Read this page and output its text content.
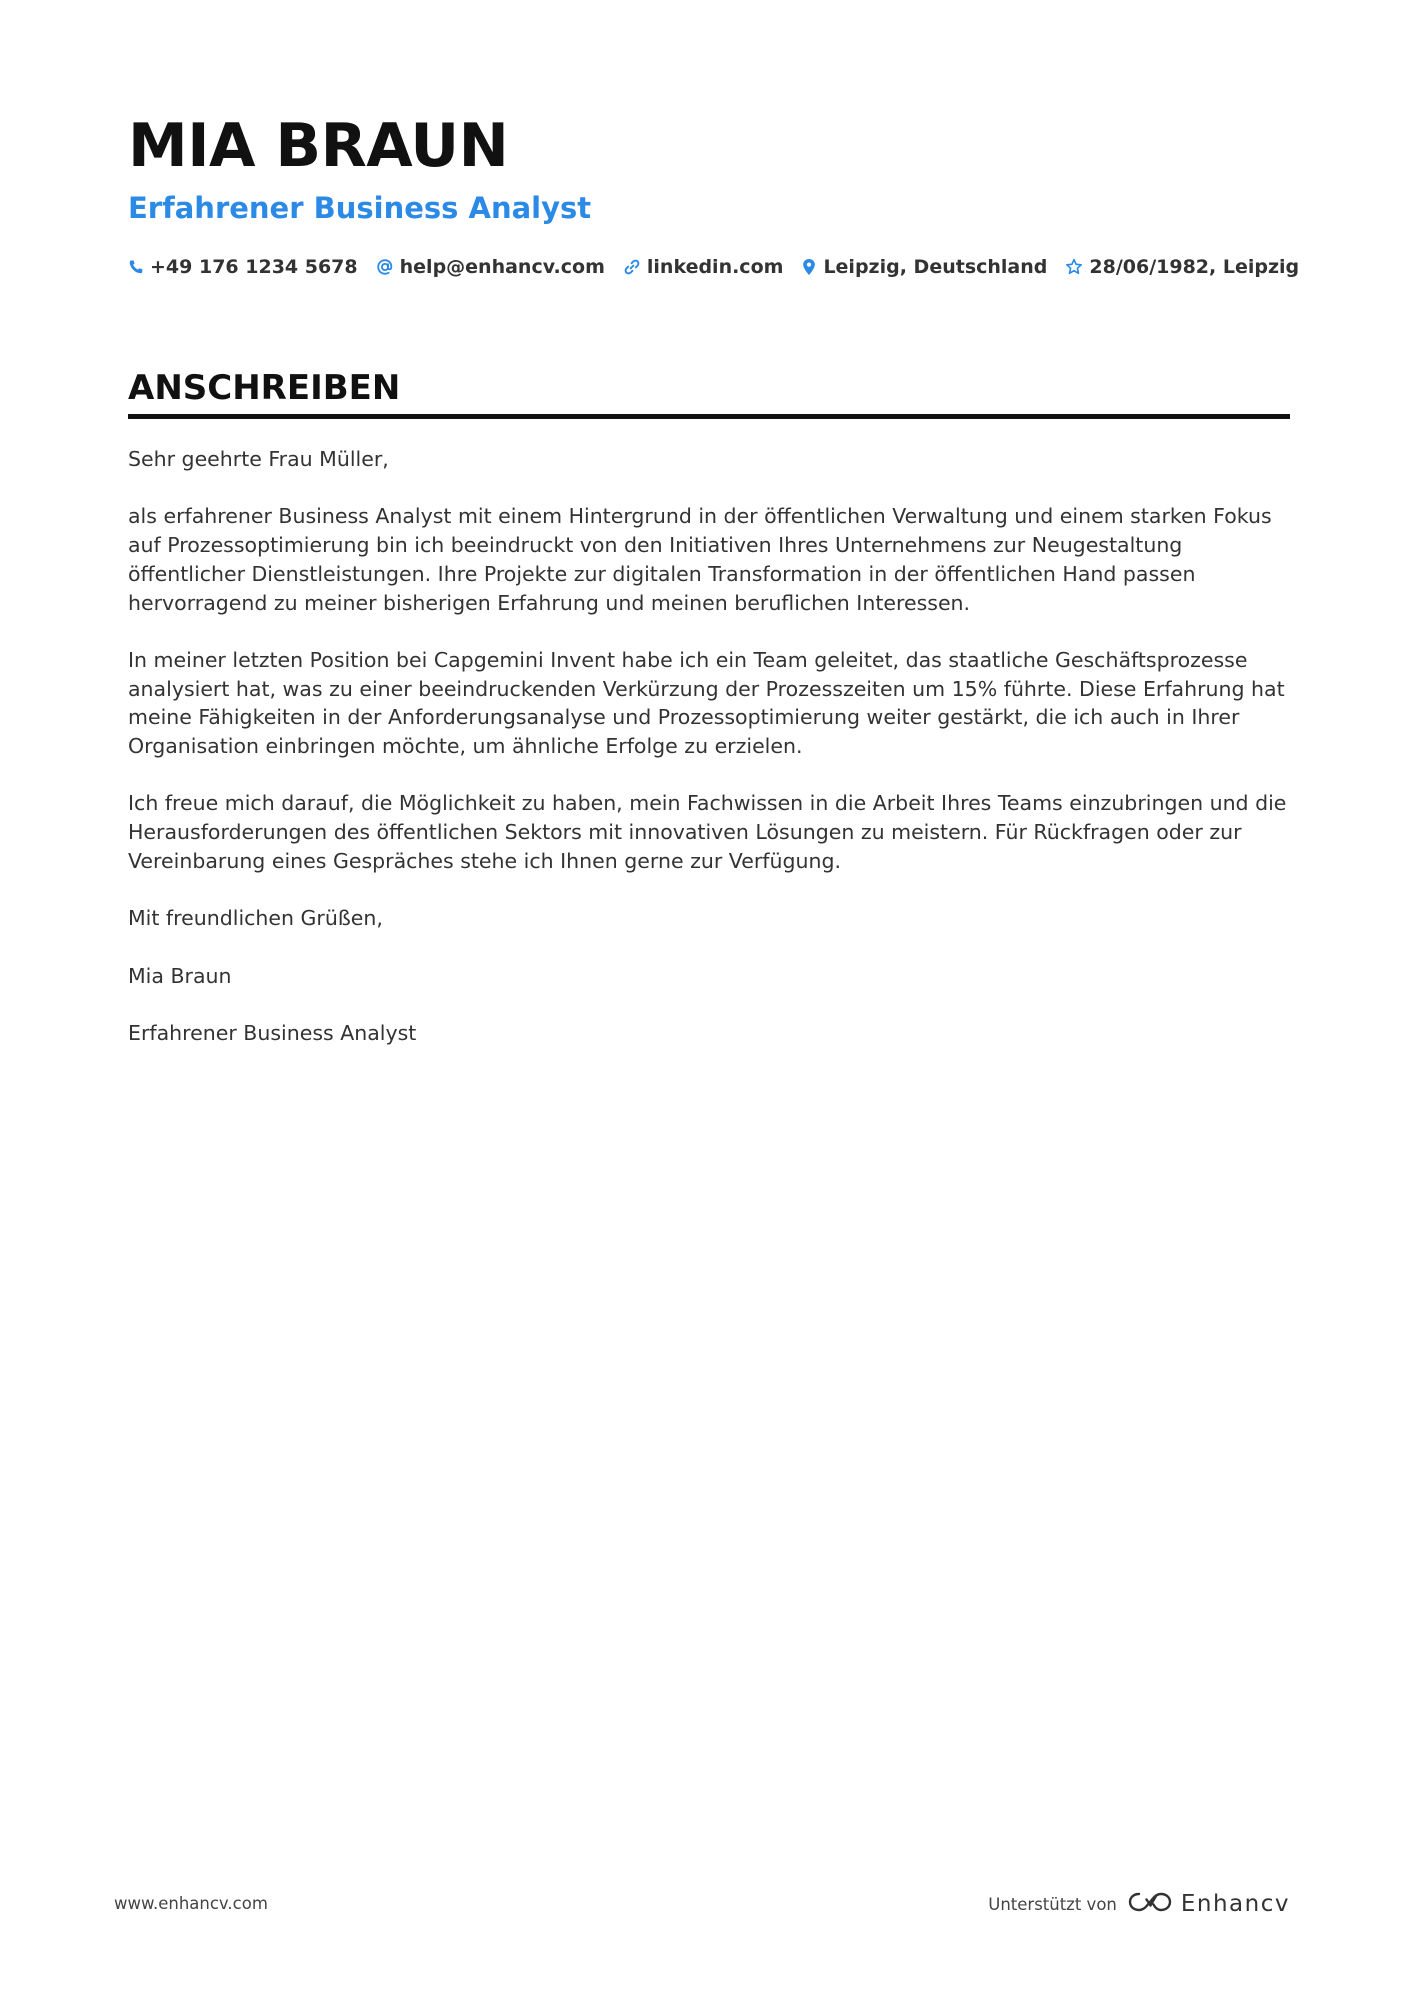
MIA BRAUN
Erfahrener Business Analyst
+49 176 1234 5678 help@enhancv.com linkedin.com Leipzig, Deutschland 28/06/1982, Leipzig
ANSCHREIBEN

Sehr geehrte Frau Müller,

als erfahrener Business Analyst mit einem Hintergrund in der öffentlichen Verwaltung und einem starken Fokus auf Prozessoptimierung bin ich beeindruckt von den Initiativen Ihres Unternehmens zur Neugestaltung öffentlicher Dienstleistungen. Ihre Projekte zur digitalen Transformation in der öffentlichen Hand passen hervorragend zu meiner bisherigen Erfahrung und meinen beruflichen Interessen.

In meiner letzten Position bei Capgemini Invent habe ich ein Team geleitet, das staatliche Geschäftsprozesse analysiert hat, was zu einer beeindruckenden Verkürzung der Prozesszeiten um 15% führte. Diese Erfahrung hat meine Fähigkeiten in der Anforderungsanalyse und Prozessoptimierung weiter gestärkt, die ich auch in Ihrer Organisation einbringen möchte, um ähnliche Erfolge zu erzielen.

Ich freue mich darauf, die Möglichkeit zu haben, mein Fachwissen in die Arbeit Ihres Teams einzubringen und die Herausforderungen des öffentlichen Sektors mit innovativen Lösungen zu meistern. Für Rückfragen oder zur Vereinbarung eines Gespräches stehe ich Ihnen gerne zur Verfügung.

Mit freundlichen Grüßen,

Mia Braun

Erfahrener Business Analyst

www.enhancv.com	Unterstützt von	Enhancv
